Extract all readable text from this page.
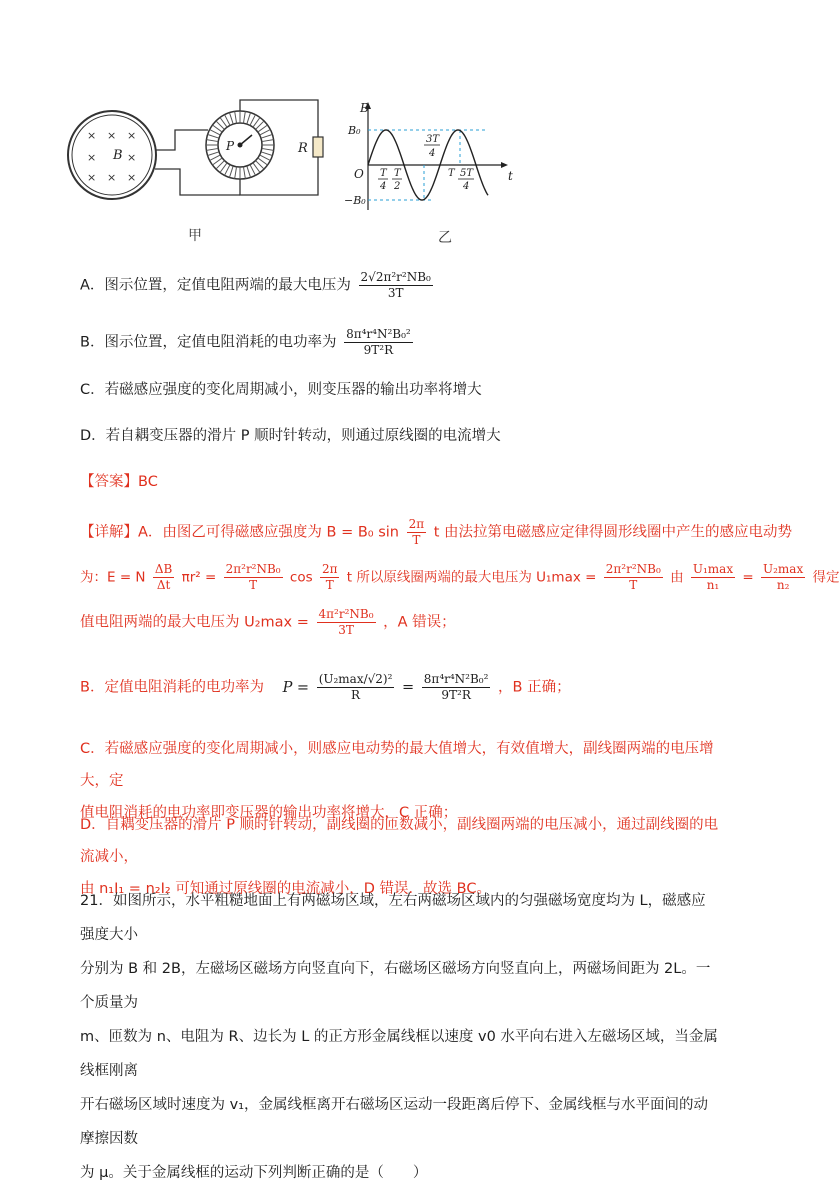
× × ×
×	×
× × ×
B
P	R
B
t
O
B₀
−B₀
T
4
T
2
3T
4
T 5T
4
甲	乙
A．图示位置，定值电阻两端的最大电压为 $\frac{\text{2√2π²r²NB₀}}{3T}$
B．图示位置，定值电阻消耗的电功率为 $\frac{\text{8π⁴r⁴N²B₀²}}{\text{9T²R}}$
C．若磁感应强度的变化周期减小，则变压器的输出功率将增大
D．若自耦变压器的滑片 P 顺时针转动，则通过原线圈的电流增大
【答案】BC
【详解】A．由图乙可得磁感应强度为 B = B₀ $\sin \frac{2\pi}{T}$ t 由法拉第电磁感应定律得圆形线圈中产生的感应电动势
为：E = N $\frac{\Delta B}{\Delta t} \pi r^2 = \frac{\text{2π²r²NB₀}}{T}$ $\cos \frac{2\pi}{T}$ t 所以原线圈两端的最大电压为 $U_1\max = \frac{\text{2π²r²NB₀}}{T}$ 由 $\frac{\text{U₁max}}{\text{n₁}} = \frac{\text{U₂max}}{\text{n₂}}$ 得定
值电阻两端的最大电压为 $U_2\max = \frac{\text{4π²r²NB₀}}{3T}$ ，A 错误；
B．定值电阻消耗的电功率为 $P = \frac{\text{(U₂max/√2)²}}{R} = \frac{\text{8π⁴r⁴N²B₀²}}{\text{9T²R}}$ ，B 正确；
C．若磁感应强度的变化周期减小，则感应电动势的最大值增大，有效值增大，副线圈两端的电压增大，定
值电阻消耗的电功率即变压器的输出功率将增大，C 正确；
D．自耦变压器的滑片 P 顺时针转动，副线圈的匝数减小，副线圈两端的电压减小，通过副线圈的电流减小，
由 n₁I₁ = n₂I₂ 可知通过原线圈的电流减小，D 错误．故选 BC。
21．如图所示，水平粗糙地面上有两磁场区域，左右两磁场区域内的匀强磁场宽度均为 L，磁感应强度大小
分别为 B 和 2B，左磁场区磁场方向竖直向下，右磁场区磁场方向竖直向上，两磁场间距为 2L。一个质量为
m、匝数为 n、电阻为 R、边长为 L 的正方形金属线框以速度 v0 水平向右进入左磁场区域，当金属线框刚离
开右磁场区域时速度为 v₁，金属线框离开右磁场区运动一段距离后停下、金属线框与水平面间的动摩擦因数
为 μ。关于金属线框的运动下列判断正确的是（　　）
